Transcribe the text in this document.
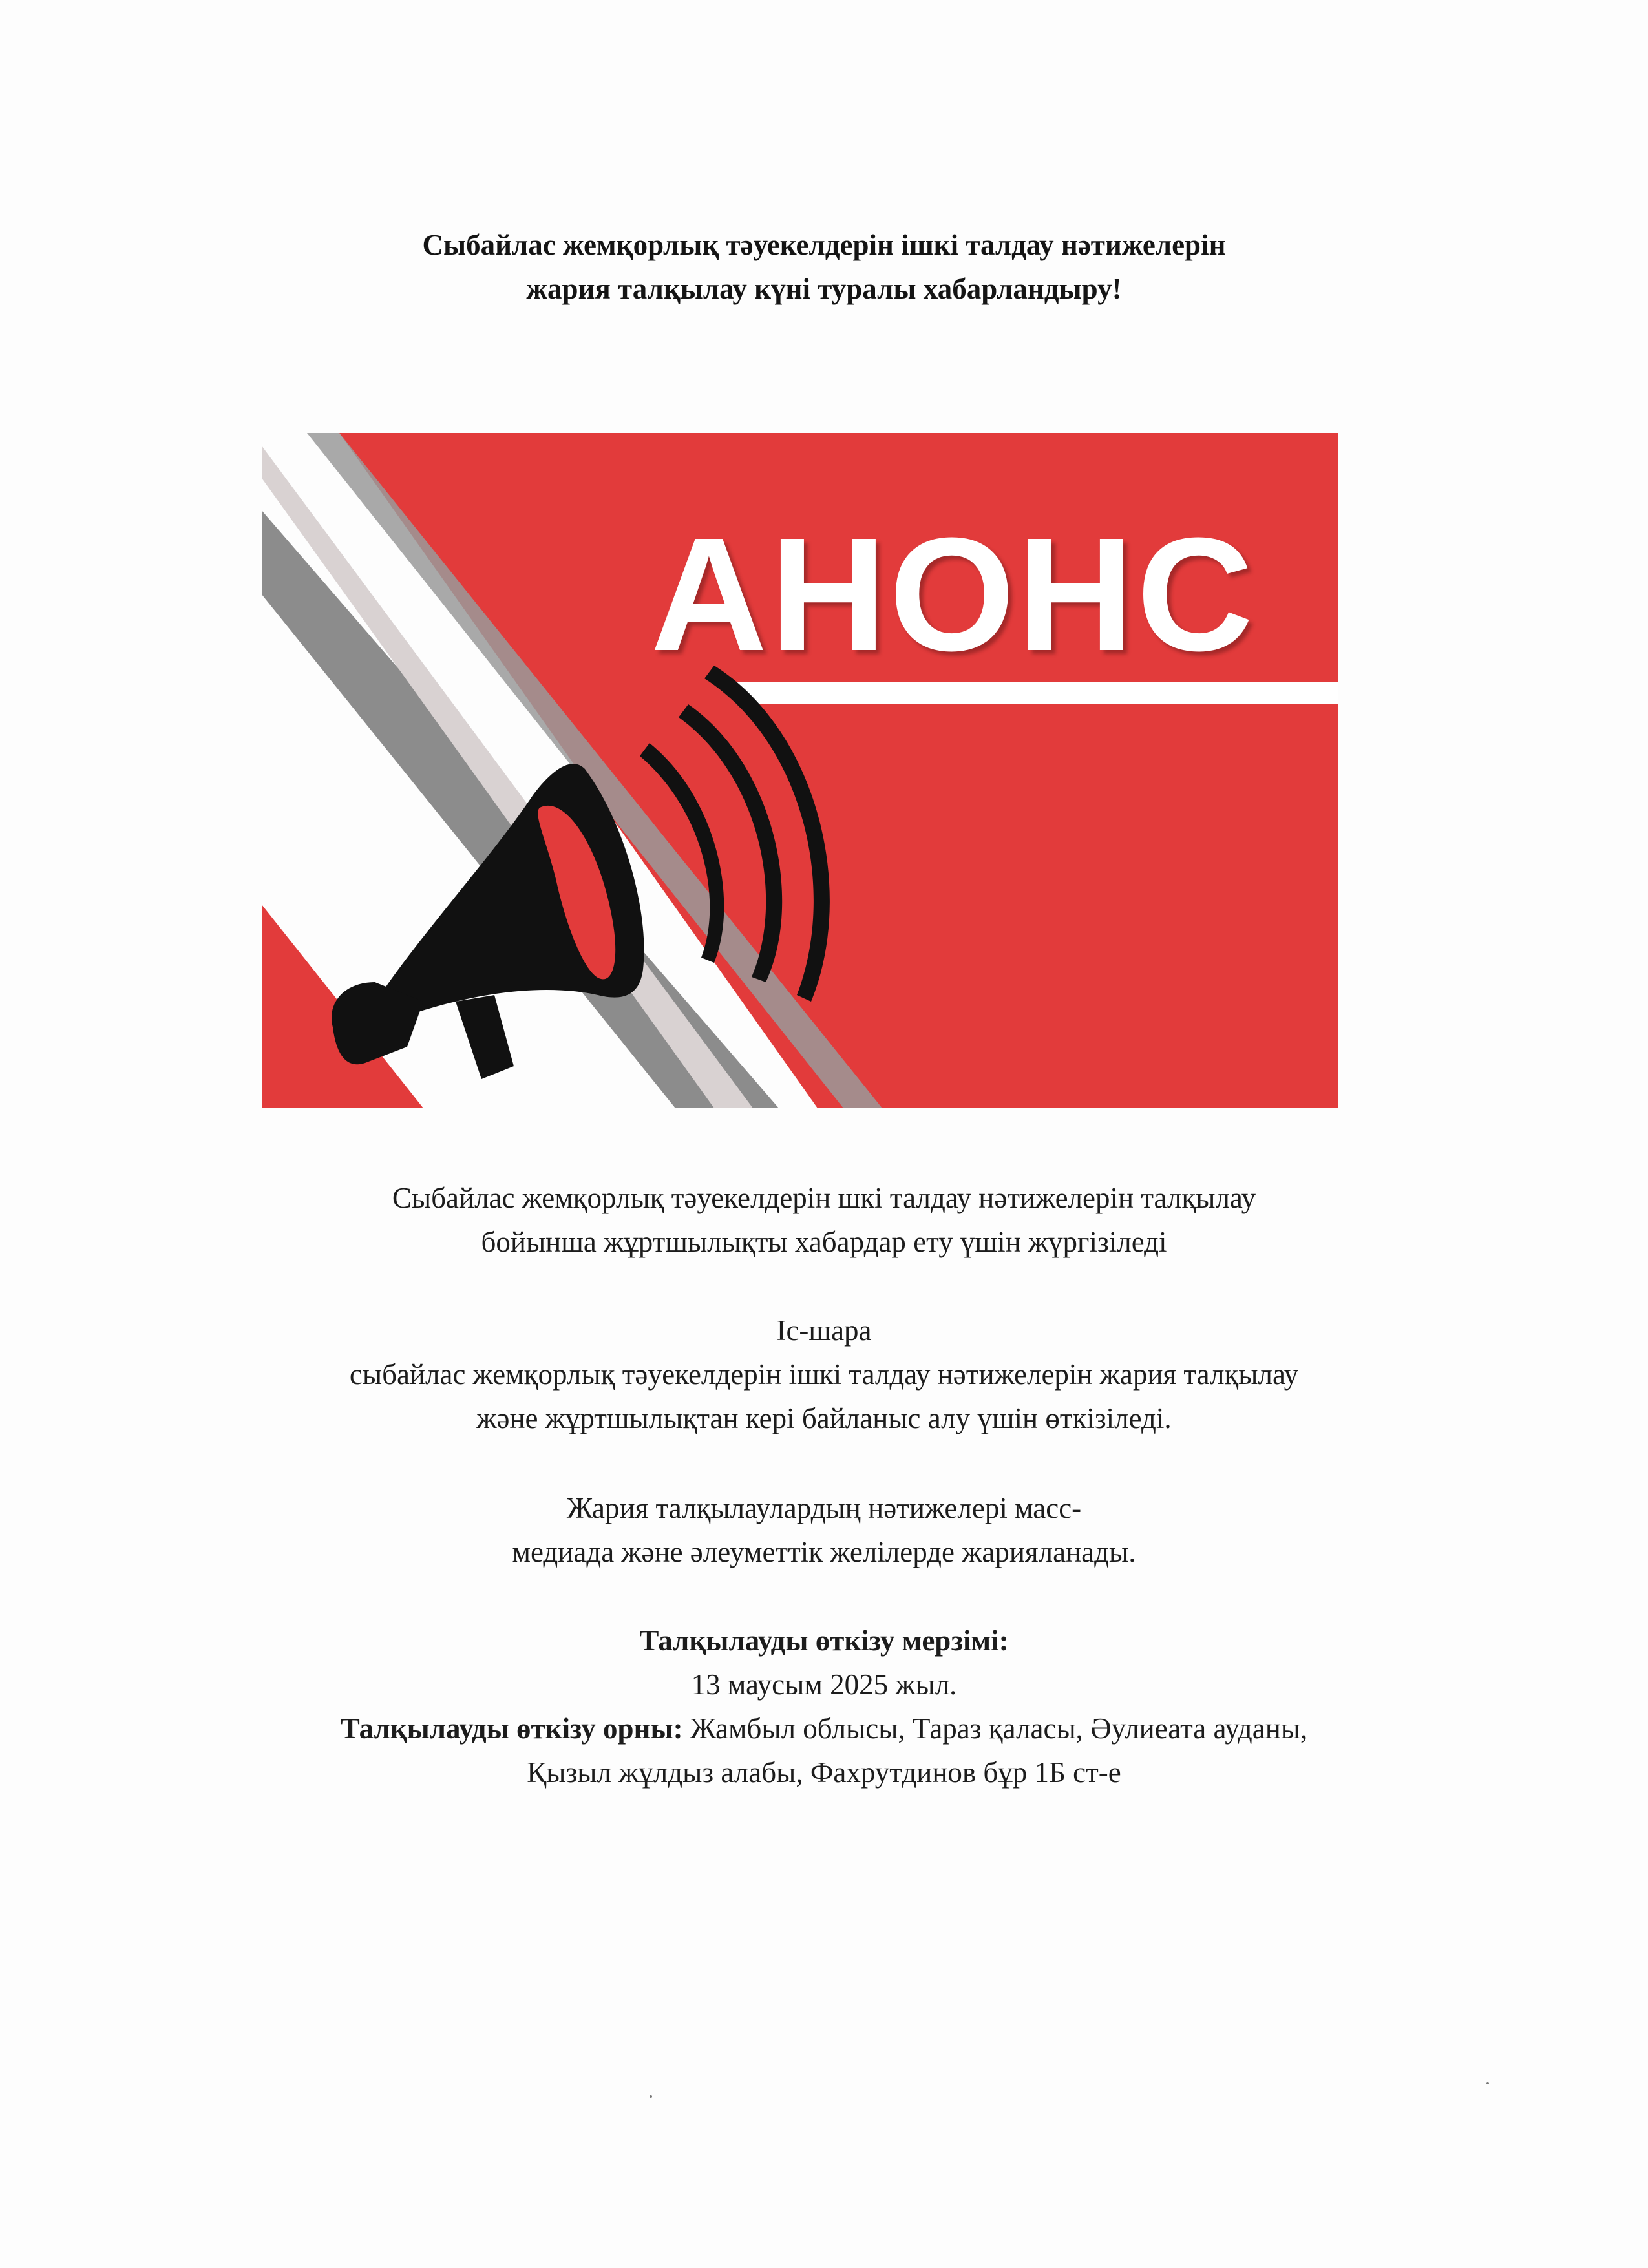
Сыбайлас жемқорлық тәуекелдерін ішкі талдау нәтижелерін
жария талқылау күні туралы хабарландыру!
АНОНС
Сыбайлас жемқорлық тәуекелдерін шкі талдау нәтижелерін талқылау
бойынша жұртшылықты хабардар ету үшін жүргізіледі
Іс-шара
сыбайлас жемқорлық тәуекелдерін ішкі талдау нәтижелерін жария талқылау
және жұртшылықтан кері байланыс алу үшін өткізіледі.
Жария талқылаулардың нәтижелері масс-
медиада және әлеуметтік желілерде жарияланады.
Талқылауды өткізу мерзімі:
13 маусым 2025 жыл.
Талқылауды өткізу орны: Жамбыл облысы, Тараз қаласы, Әулиеата ауданы,
Қызыл жұлдыз алабы, Фахрутдинов бұр 1Б ст-е
